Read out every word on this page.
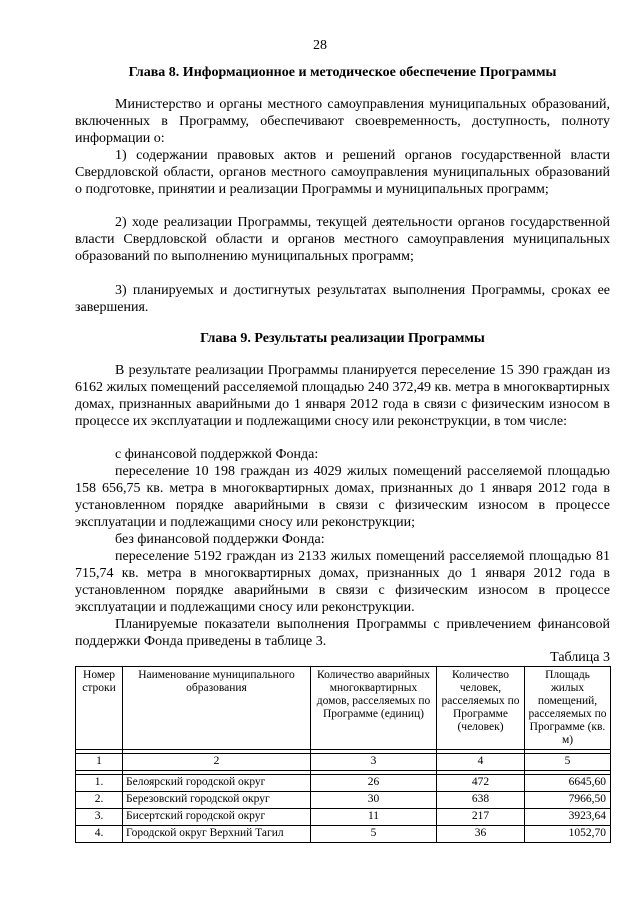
28
Глава 8. Информационное и методическое обеспечение Программы

Министерство и органы местного самоуправления муниципальных образований, включенных в Программу, обеспечивают своевременность, доступность, полноту информации о:

1) содержании правовых актов и решений органов государственной власти Свердловской области, органов местного самоуправления муниципальных образований о подготовке, принятии и реализации Программы и муниципальных программ;

2) ходе реализации Программы, текущей деятельности органов государственной власти Свердловской области и органов местного самоуправления муниципальных образований по выполнению муниципальных программ;

3) планируемых и достигнутых результатах выполнения Программы, сроках ее завершения.

Глава 9. Результаты реализации Программы

В результате реализации Программы планируется переселение 15 390 граждан из 6162 жилых помещений расселяемой площадью 240 372,49 кв. метра в многоквартирных домах, признанных аварийными до 1 января 2012 года в связи с физическим износом в процессе их эксплуатации и подлежащими сносу или реконструкции, в том числе:

с финансовой поддержкой Фонда:

переселение 10 198 граждан из 4029 жилых помещений расселяемой площадью 158 656,75 кв. метра в многоквартирных домах, признанных до 1 января 2012 года в установленном порядке аварийными в связи с физическим износом в процессе эксплуатации и подлежащими сносу или реконструкции;

без финансовой поддержки Фонда:

переселение 5192 граждан из 2133 жилых помещений расселяемой площадью 81 715,74 кв. метра в многоквартирных домах, признанных до 1 января 2012 года в установленном порядке аварийными в связи с физическим износом в процессе эксплуатации и подлежащими сносу или реконструкции.

Планируемые показатели выполнения Программы с привлечением финансовой поддержки Фонда приведены в таблице 3.

Таблица 3
Номер строки	Наименование муниципального образования	Количество аварийных многоквартирных домов, расселяемых по Программе (единиц)	Количество человек, расселяемых по Программе (человек)	Площадь жилых помещений, расселяемых по Программе (кв. м)

1	2	3	4	5

1.	Белоярский городской округ	26	472	6645,60
2.	Березовский городской округ	30	638	7966,50
3.	Бисертский городской округ	11	217	3923,64
4.	Городской округ Верхний Тагил	5	36	1052,70
